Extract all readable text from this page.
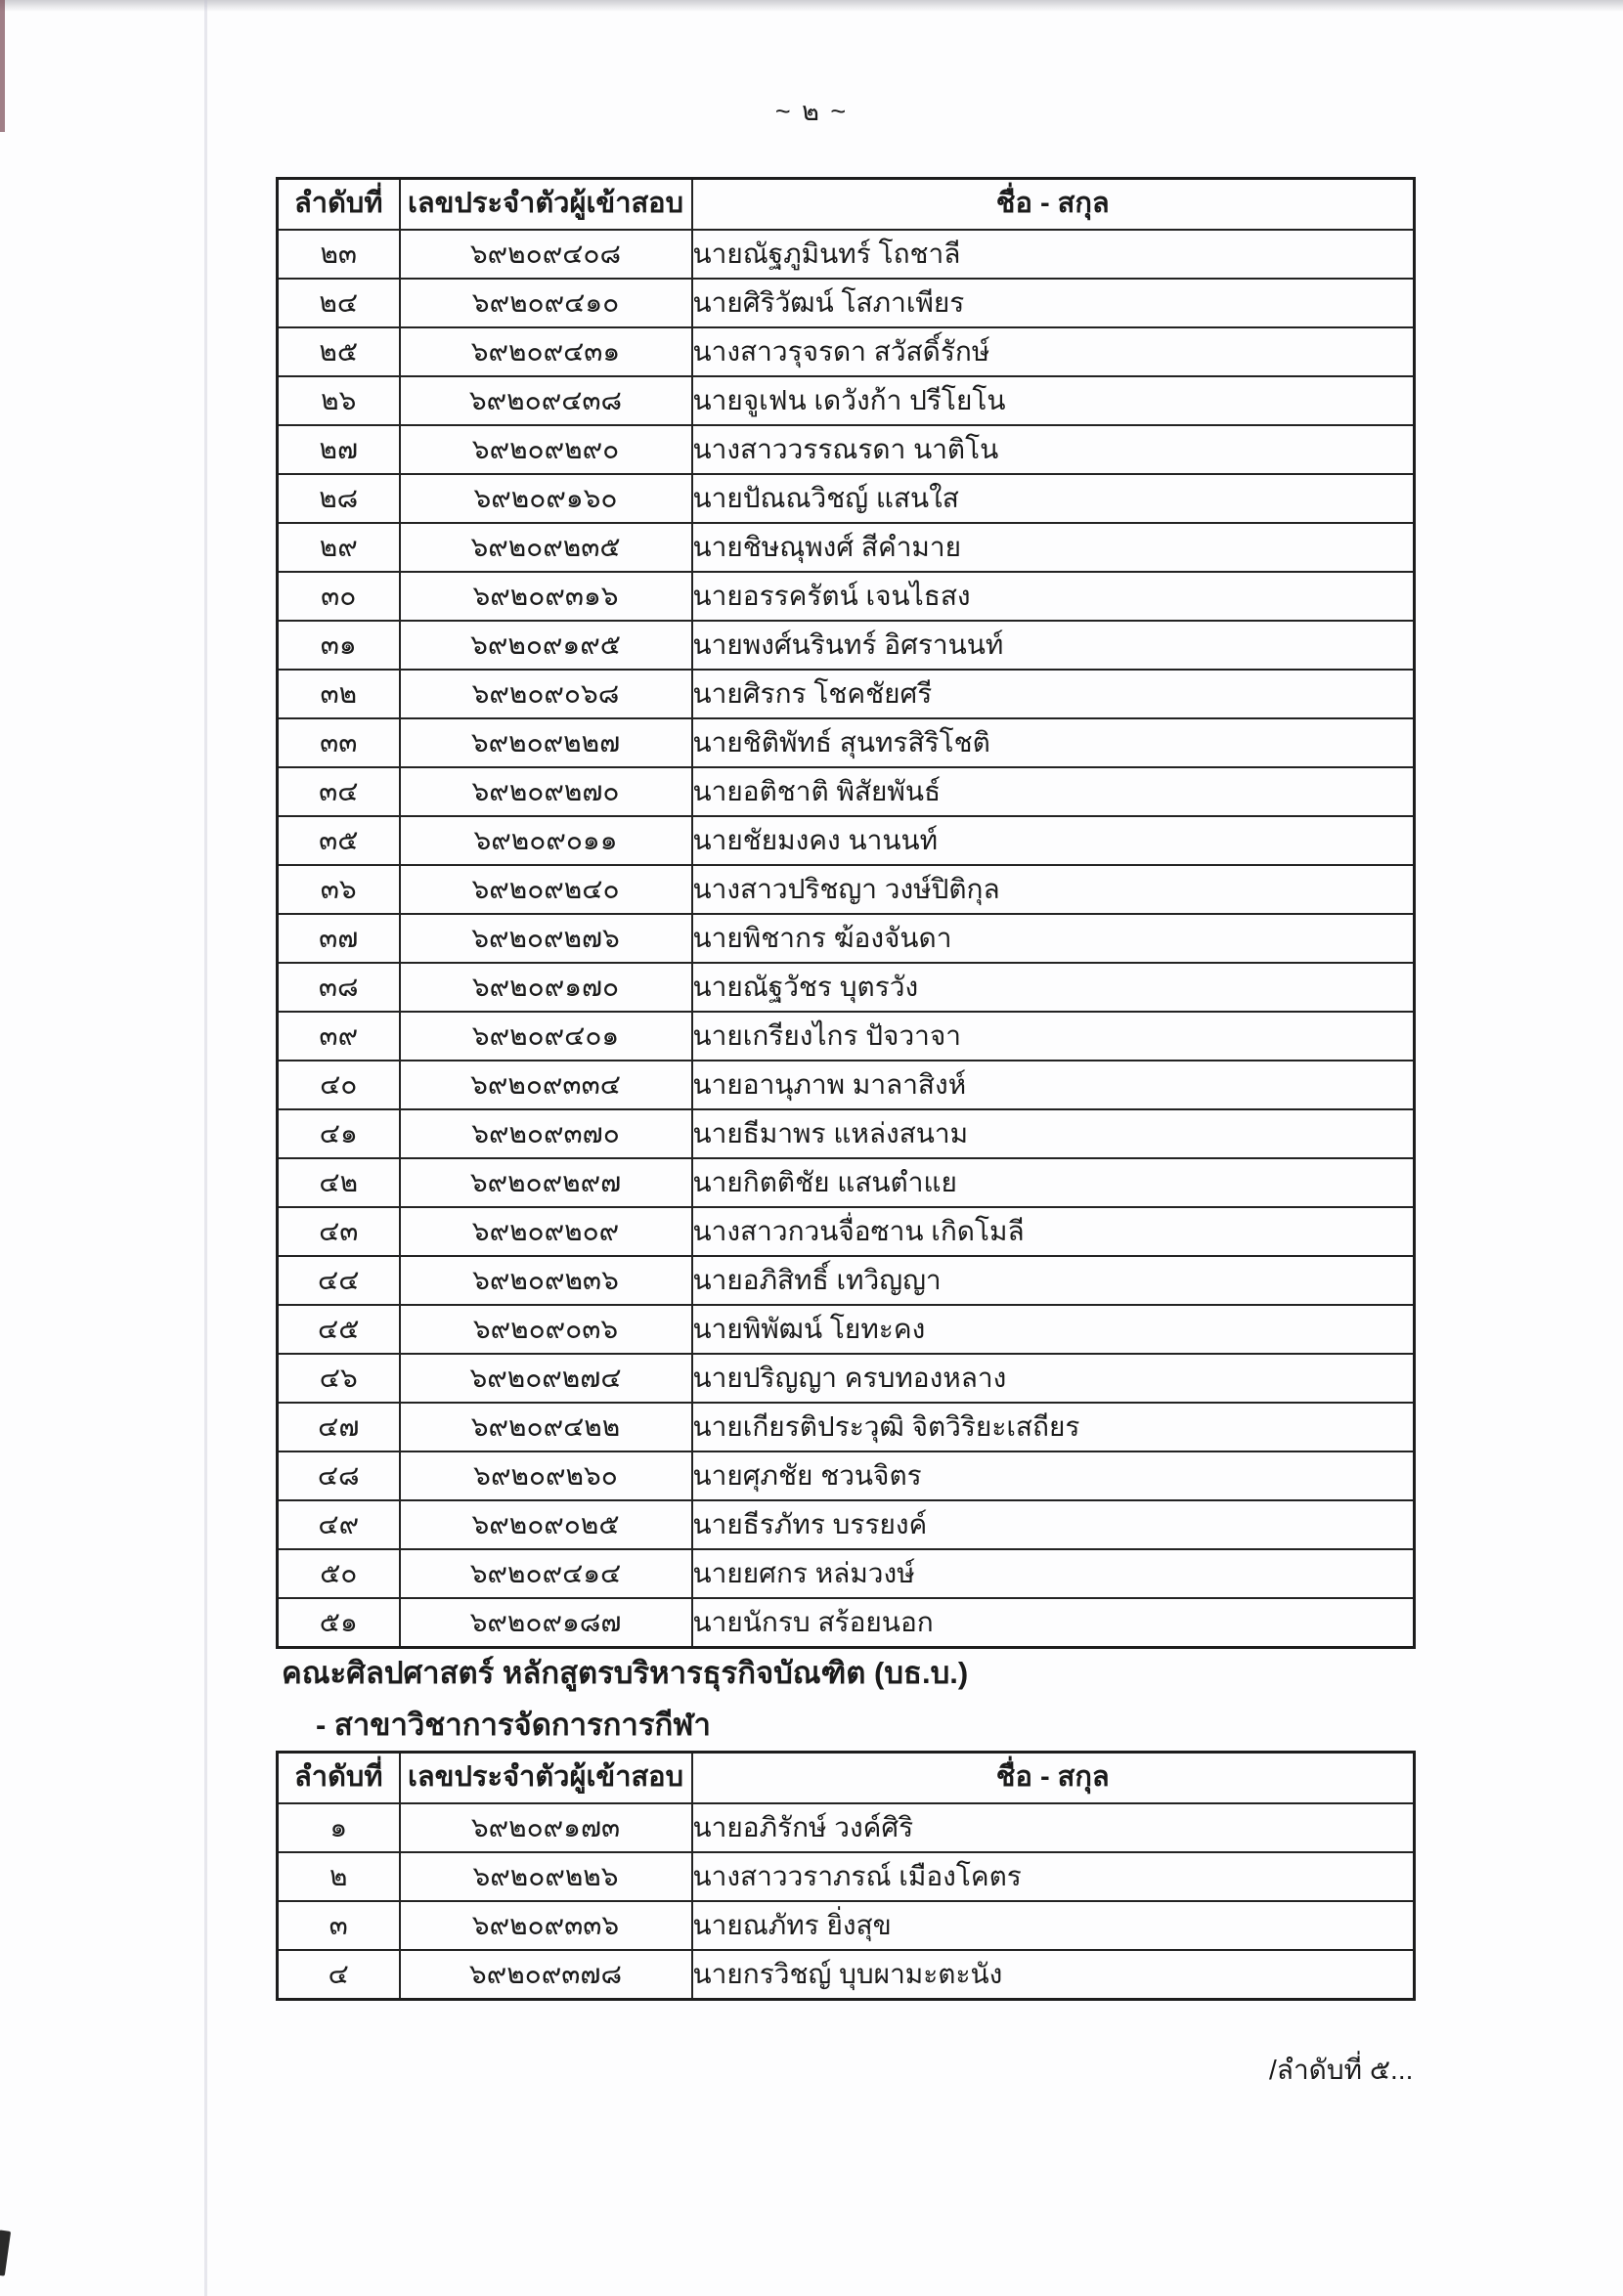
~ ๒ ~
ลำดับที่	เลขประจำตัวผู้เข้าสอบ	ชื่อ - สกุล
๒๓	๖๙๒๐๙๔๐๘	นายณัฐภูมินทร์ โถชาลี
๒๔	๖๙๒๐๙๔๑๐	นายศิริวัฒน์ โสภาเพียร
๒๕	๖๙๒๐๙๔๓๑	นางสาวรุจรดา สวัสดิ์รักษ์
๒๖	๖๙๒๐๙๔๓๘	นายจูเฟน เดวังก้า ปรีโยโน
๒๗	๖๙๒๐๙๒๙๐	นางสาววรรณรดา นาติโน
๒๘	๖๙๒๐๙๑๖๐	นายปัณณวิชญ์ แสนใส
๒๙	๖๙๒๐๙๒๓๕	นายชิษณุพงศ์ สีคำมาย
๓๐	๖๙๒๐๙๓๑๖	นายอรรครัตน์ เจนไธสง
๓๑	๖๙๒๐๙๑๙๕	นายพงศ์นรินทร์ อิศรานนท์
๓๒	๖๙๒๐๙๐๖๘	นายศิรกร โชคชัยศรี
๓๓	๖๙๒๐๙๒๒๗	นายชิติพัทธ์ สุนทรสิริโชติ
๓๔	๖๙๒๐๙๒๗๐	นายอติชาติ พิสัยพันธ์
๓๕	๖๙๒๐๙๐๑๑	นายชัยมงคง นานนท์
๓๖	๖๙๒๐๙๒๔๐	นางสาวปริชญา วงษ์ปิติกุล
๓๗	๖๙๒๐๙๒๗๖	นายพิชากร ฆ้องจันดา
๓๘	๖๙๒๐๙๑๗๐	นายณัฐวัชร บุตรวัง
๓๙	๖๙๒๐๙๔๐๑	นายเกรียงไกร ปัจวาจา
๔๐	๖๙๒๐๙๓๓๔	นายอานุภาพ มาลาสิงห์
๔๑	๖๙๒๐๙๓๗๐	นายธีมาพร แหล่งสนาม
๔๒	๖๙๒๐๙๒๙๗	นายกิตติชัย แสนตำแย
๔๓	๖๙๒๐๙๒๐๙	นางสาวกวนจื่อซาน เกิดโมลี
๔๔	๖๙๒๐๙๒๓๖	นายอภิสิทธิ์ เทวิญญา
๔๕	๖๙๒๐๙๐๓๖	นายพิพัฒน์ โยทะคง
๔๖	๖๙๒๐๙๒๗๔	นายปริญญา ครบทองหลาง
๔๗	๖๙๒๐๙๔๒๒	นายเกียรติประวุฒิ จิตวิริยะเสถียร
๔๘	๖๙๒๐๙๒๖๐	นายศุภชัย ชวนจิตร
๔๙	๖๙๒๐๙๐๒๕	นายธีรภัทร บรรยงค์
๕๐	๖๙๒๐๙๔๑๔	นายยศกร หล่มวงษ์
๕๑	๖๙๒๐๙๑๘๗	นายนักรบ สร้อยนอก
คณะศิลปศาสตร์ หลักสูตรบริหารธุรกิจบัณฑิต (บธ.บ.)
- สาขาวิชาการจัดการการกีฬา
ลำดับที่	เลขประจำตัวผู้เข้าสอบ	ชื่อ - สกุล
๑	๖๙๒๐๙๑๗๓	นายอภิรักษ์ วงค์ศิริ
๒	๖๙๒๐๙๒๒๖	นางสาววราภรณ์ เมืองโคตร
๓	๖๙๒๐๙๓๓๖	นายณภัทร ยิ่งสุข
๔	๖๙๒๐๙๓๗๘	นายกรวิชญ์ บุบผามะตะนัง
/ลำดับที่ ๕...
